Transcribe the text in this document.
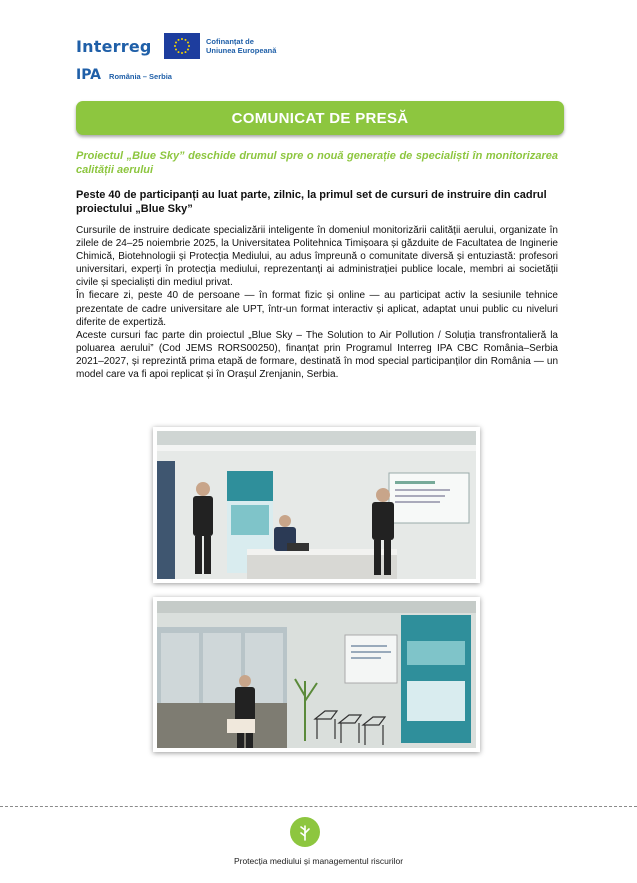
Interreg	Cofinanțat de
Uniunea Europeană
IPA România – Serbia
COMUNICAT DE PRESĂ
Proiectul „Blue Sky” deschide drumul spre o nouă generație de specialiști în monitorizarea calității aerului
Peste 40 de participanți au luat parte, zilnic, la primul set de cursuri de instruire din cadrul proiectului „Blue Sky”

Cursurile de instruire dedicate specializării inteligente în domeniul monitorizării calității aerului, organizate în zilele de 24–25 noiembrie 2025, la Universitatea Politehnica Timișoara și găzduite de Facultatea de Inginerie Chimică, Biotehnologii și Protecția Mediului, au adus împreună o comunitate diversă și entuziastă: profesori universitari, experți în protecția mediului, reprezentanți ai administrației publice locale, membri ai societății civile și specialiști din mediul privat.

În fiecare zi, peste 40 de persoane — în format fizic și online — au participat activ la sesiunile tehnice prezentate de cadre universitare ale UPT, într-un format interactiv și aplicat, adaptat unui public cu niveluri diferite de expertiză.

Aceste cursuri fac parte din proiectul „Blue Sky – The Solution to Air Pollution / Soluția transfrontalieră la poluarea aerului” (Cod JEMS RORS00250), finanțat prin Programul Interreg IPA CBC România–Serbia 2021–2027, și reprezintă prima etapă de formare, destinată în mod special participanților din România — un model care va fi apoi replicat și în Orașul Zrenjanin, Serbia.

Protecția mediului și managementul riscurilor
